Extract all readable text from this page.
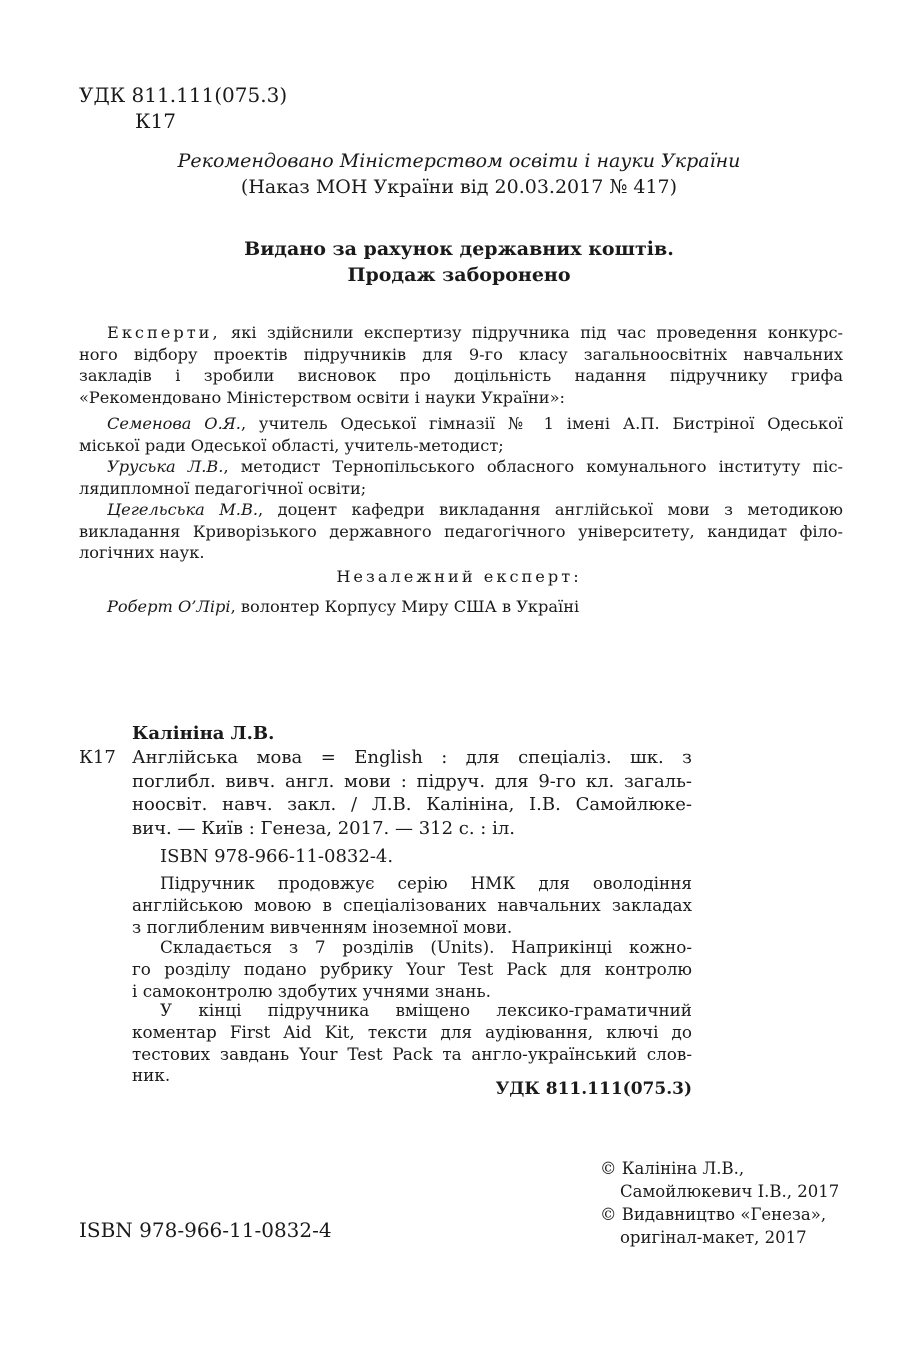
УДК 811.111(075.3)
К17
Рекомендовано Міністерством освіти і науки України
(Наказ МОН України від 20.03.2017 № 417)
Видано за рахунок державних коштів.
Продаж заборонено
Експерти, які здійснили експертизу підручника під час проведення конкурс-
ного відбору проектів підручників для 9-го класу загальноосвітніх навчальних
закладів і зробили висновок про доцільність надання підручнику грифа
«Рекомендовано Міністерством освіти і науки України»:
Семенова О.Я., учитель Одеської гімназії № 1 імені А.П. Бистріної Одеської
міської ради Одеської області, учитель-методист;
Уруська Л.В., методист Тернопільського обласного комунального інституту піс-
лядипломної педагогічної освіти;
Цегельська М.В., доцент кафедри викладання англійської мови з методикою
викладання Криворізького державного педагогічного університету, кандидат філо-
логічних наук.
Незалежний експерт:
Роберт О’Лірі, волонтер Корпусу Миру США в Україні
Калініна Л.В.
К17 Англійська мова = English : для спеціаліз. шк. з
поглибл. вивч. англ. мови : підруч. для 9-го кл. загаль-
ноосвіт. навч. закл. / Л.В. Калініна, І.В. Самойлюке-
вич. — Київ : Генеза, 2017. — 312 с. : іл.
ISBN 978-966-11-0832-4.
Підручник продовжує серію НМК для оволодіння
англійською мовою в спеціалізованих навчальних закладах
з поглибленим вивченням іноземної мови.
Складається з 7 розділів (Units). Наприкінці кожно-
го розділу подано рубрику Your Test Pack для контролю
і самоконтролю здобутих учнями знань.
У кінці підручника вміщено лексико-граматичний
коментар First Aid Kit, тексти для аудіювання, ключі до
тестових завдань Your Test Pack та англо-український слов-
ник.
УДК 811.111(075.3)
© Калініна Л.В.,
Самойлюкевич І.В., 2017
© Видавництво «Генеза»,
оригінал-макет, 2017
ISBN 978-966-11-0832-4
